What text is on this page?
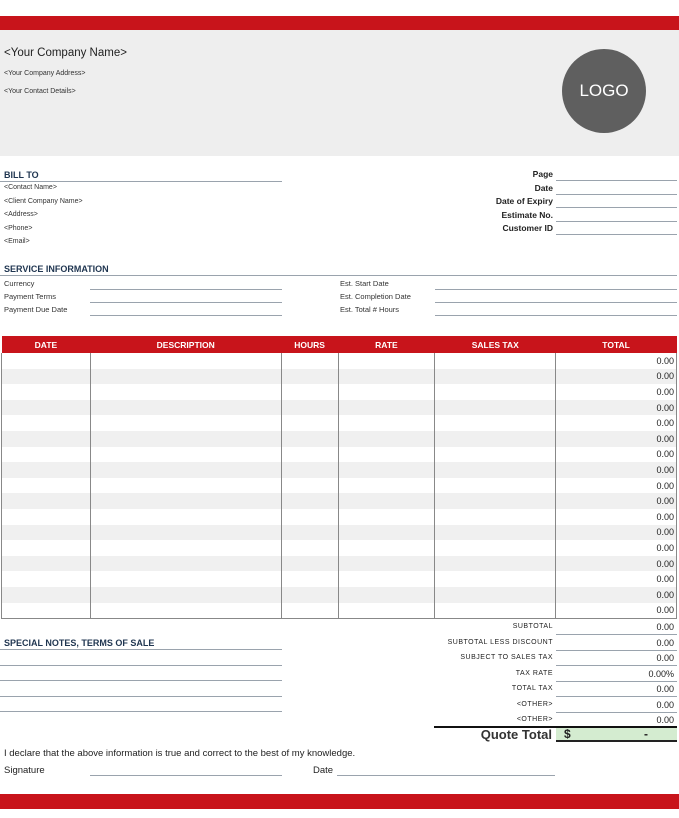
<Your Company Name>
<Your Company Address>
<Your Contact Details>	LOGO
BILL TO
<Contact Name>
<Client Company Name>
<Address>
<Phone>
<Email>
Page
Date
Date of Expiry
Estimate No.
Customer ID
SERVICE INFORMATION
Currency
Payment Terms
Payment Due Date
Est. Start Date
Est. Completion Date
Est. Total # Hours
DATE	DESCRIPTION	HOURS	RATE	SALES TAX	TOTAL
					0.00
					0.00
					0.00
					0.00
					0.00
					0.00
					0.00
					0.00
					0.00
					0.00
					0.00
					0.00
					0.00
					0.00
					0.00
					0.00
					0.00
SPECIAL NOTES, TERMS OF SALE
SUBTOTAL	0.00
SUBTOTAL LESS DISCOUNT	0.00
SUBJECT TO SALES TAX	0.00
TAX RATE	0.00%
TOTAL TAX	0.00
<OTHER>	0.00
<OTHER>	0.00
Quote Total $	-
I declare that the above information is true and correct to the best of my knowledge.
Signature	Date
